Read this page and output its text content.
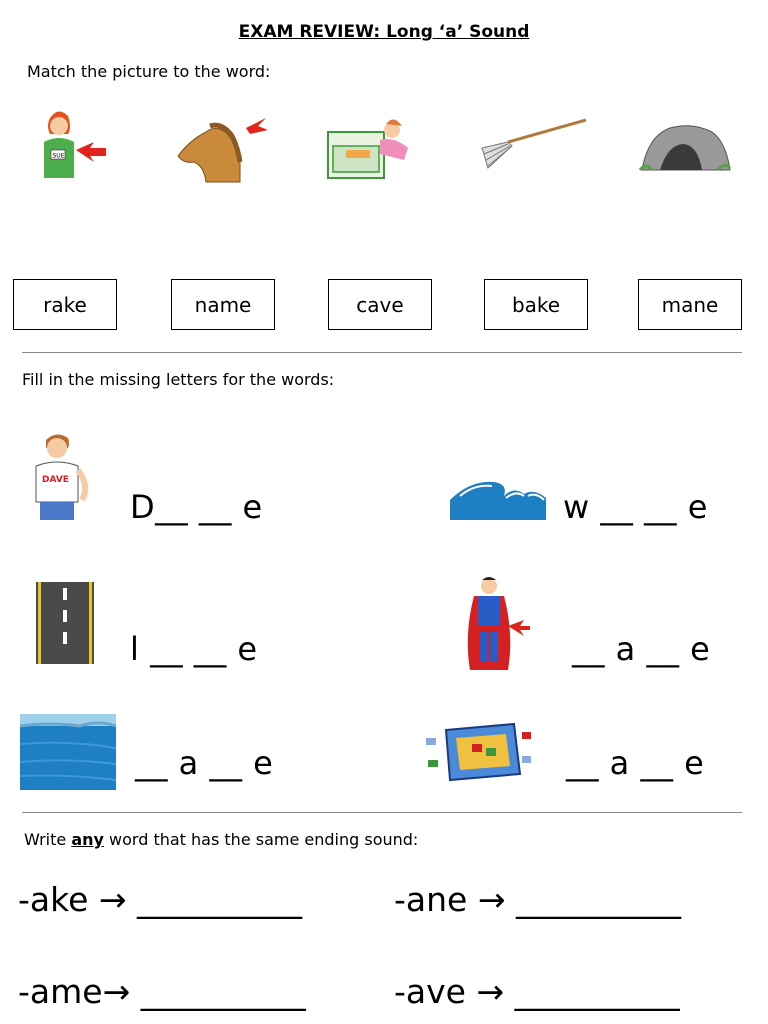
EXAM REVIEW: Long ‘a’ Sound
Match the picture to the word:
SUE
rake	name	cave	bake	mane
Fill in the missing letters for the words:
DAVE
D__ __ e	w __ __ e
l __ __ e	__ a __ e
__ a __ e	__ a __ e
Write any word that has the same ending sound:
-ake → __________	-ane → __________
-ame→ __________	-ave → __________
